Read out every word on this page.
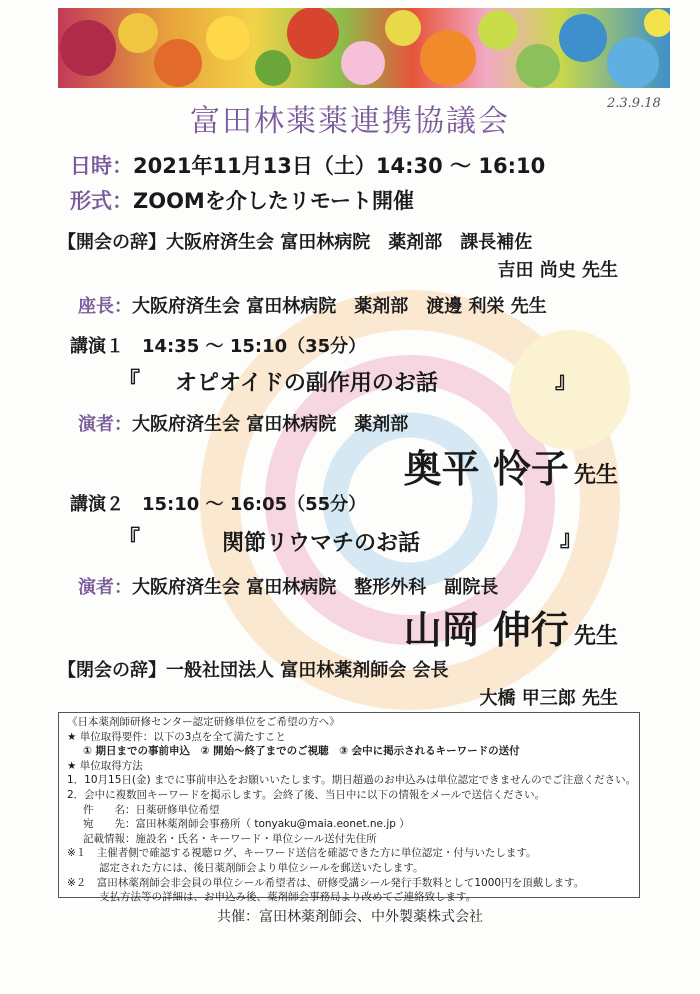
2.3.9.18
富田林薬薬連携協議会
日時：2021年11月13日（土）14:30 〜 16:10
形式：ZOOMを介したリモート開催
【開会の辞】大阪府済生会 富田林病院　薬剤部　課長補佐
吉田 尚史 先生
座長：大阪府済生会 富田林病院　薬剤部　渡邊 利栄 先生
講演１　14:35 〜 15:10（35分）
『 オピオイドの副作用のお話	』
演者：大阪府済生会 富田林病院　薬剤部
奥平 怜子 先生
講演２　15:10 〜 16:05（55分）
『	関節リウマチのお話	』
演者：大阪府済生会 富田林病院　整形外科　副院長
山岡 伸行 先生
【閉会の辞】一般社団法人 富田林薬剤師会 会長
大橋 甲三郎 先生
《日本薬剤師研修センター認定研修単位をご希望の方へ》
★ 単位取得要件：以下の3点を全て満たすこと
① 期日までの事前申込　② 開始〜終了までのご視聴　③ 会中に掲示されるキーワードの送付
★ 単位取得方法
1．10月15日(金) までに事前申込をお願いいたします。期日超過のお申込みは単位認定できませんのでご注意ください。
2．会中に複数回キーワードを掲示します。会終了後、当日中に以下の情報をメールで送信ください。
件　　名：日薬研修単位希望
宛　　先：富田林薬剤師会事務所（ tonyaku@maia.eonet.ne.jp ）
記載情報：施設名・氏名・キーワード・単位シール送付先住所
※１　主催者側で確認する視聴ログ、キーワード送信を確認できた方に単位認定・付与いたします。
認定された方には、後日薬剤師会より単位シールを郵送いたします。
※２　富田林薬剤師会非会員の単位シール希望者は、研修受講シール発行手数料として1000円を頂戴します。
支払方法等の詳細は、お申込み後、薬剤師会事務局より改めてご連絡致します。
共催：富田林薬剤師会、中外製薬株式会社
